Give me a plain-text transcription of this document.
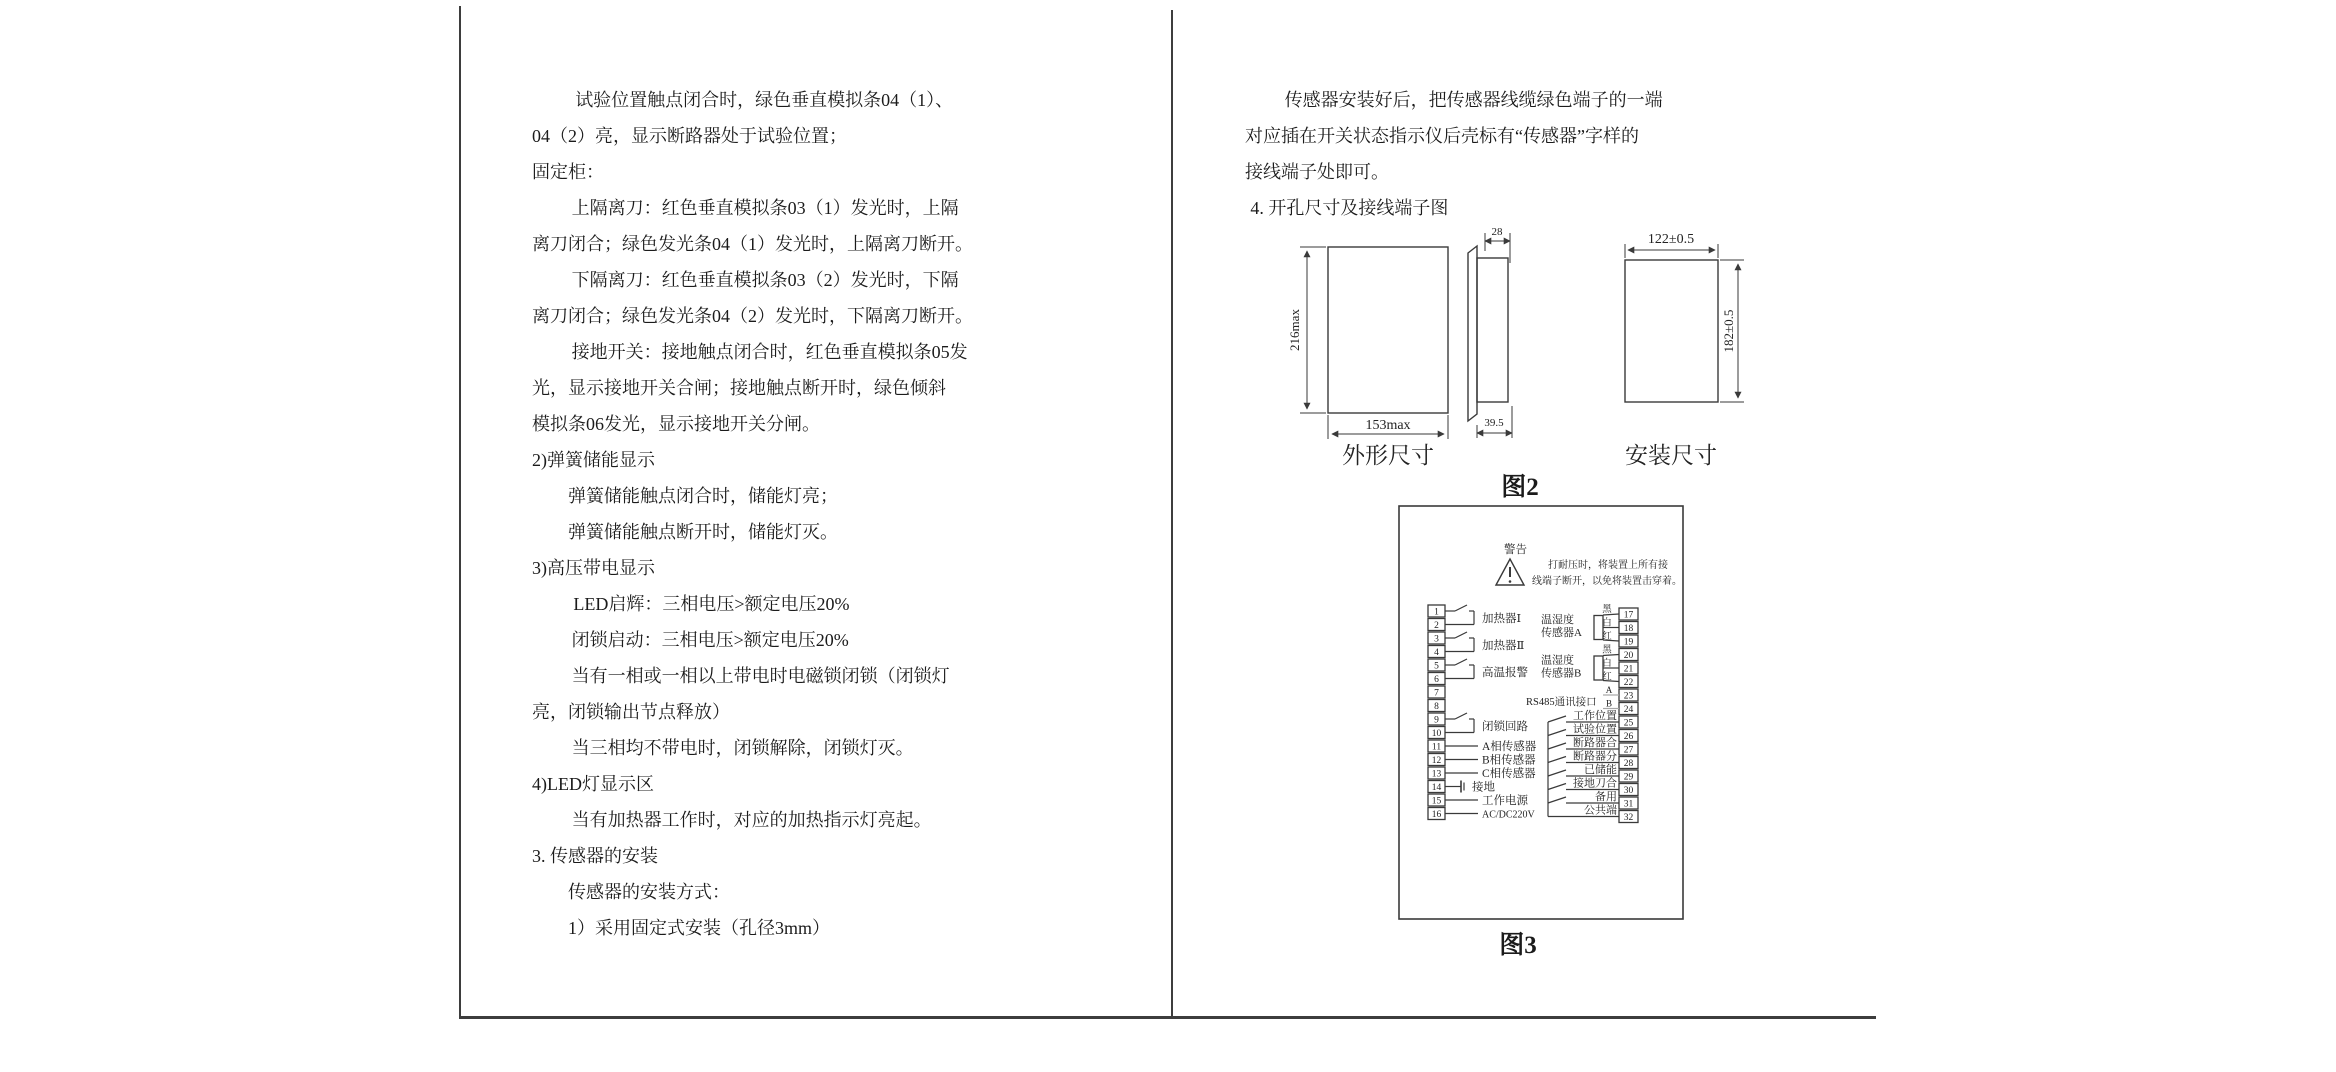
试验位置触点闭合时，绿色垂直模拟条04（1）、
04（2）亮，显示断路器处于试验位置；
固定柜：
上隔离刀：红色垂直模拟条03（1）发光时，上隔
离刀闭合；绿色发光条04（1）发光时，上隔离刀断开。
下隔离刀：红色垂直模拟条03（2）发光时，下隔
离刀闭合；绿色发光条04（2）发光时，下隔离刀断开。
接地开关：接地触点闭合时，红色垂直模拟条05发
光，显示接地开关合闸；接地触点断开时，绿色倾斜
模拟条06发光，显示接地开关分闸。
2)弹簧储能显示
弹簧储能触点闭合时，储能灯亮；
弹簧储能触点断开时，储能灯灭。
3)高压带电显示
LED启辉：三相电压>额定电压20%
闭锁启动：三相电压>额定电压20%
当有一相或一相以上带电时电磁锁闭锁（闭锁灯
亮，闭锁输出节点释放）
当三相均不带电时，闭锁解除，闭锁灯灭。
4)LED灯显示区
当有加热器工作时，对应的加热指示灯亮起。
3. 传感器的安装
传感器的安装方式：
1）采用固定式安装（孔径3mm）
传感器安装好后，把传感器线缆绿色端子的一端
对应插在开关状态指示仪后壳标有“传感器”字样的
接线端子处即可。
4. 开孔尺寸及接线端子图
216max
153max
外形尺寸
28
39.5
122±0.5
182±0.5
安装尺寸
图2
警告
打耐压时，将装置上所有接
线端子断开，以免将装置击穿着。
1
2
3
4
5
6
7
8
9
10
11
12
13
14
15
16
17
18
19
20
21
22
23
24
25
26
27
28
29
30
31
32
加热器Ⅰ
加热器Ⅱ
高温报警
闭锁回路
A相传感器
B相传感器
C相传感器
接地
工作电源
AC/DC220V
黑
白
红
温湿度
传感器A
黑
白
红
温湿度
传感器B
RS485通讯接口
A
B
工作位置
试验位置
断路器合
断路器分
已储能
接地刀合
备用
公共端
图3
